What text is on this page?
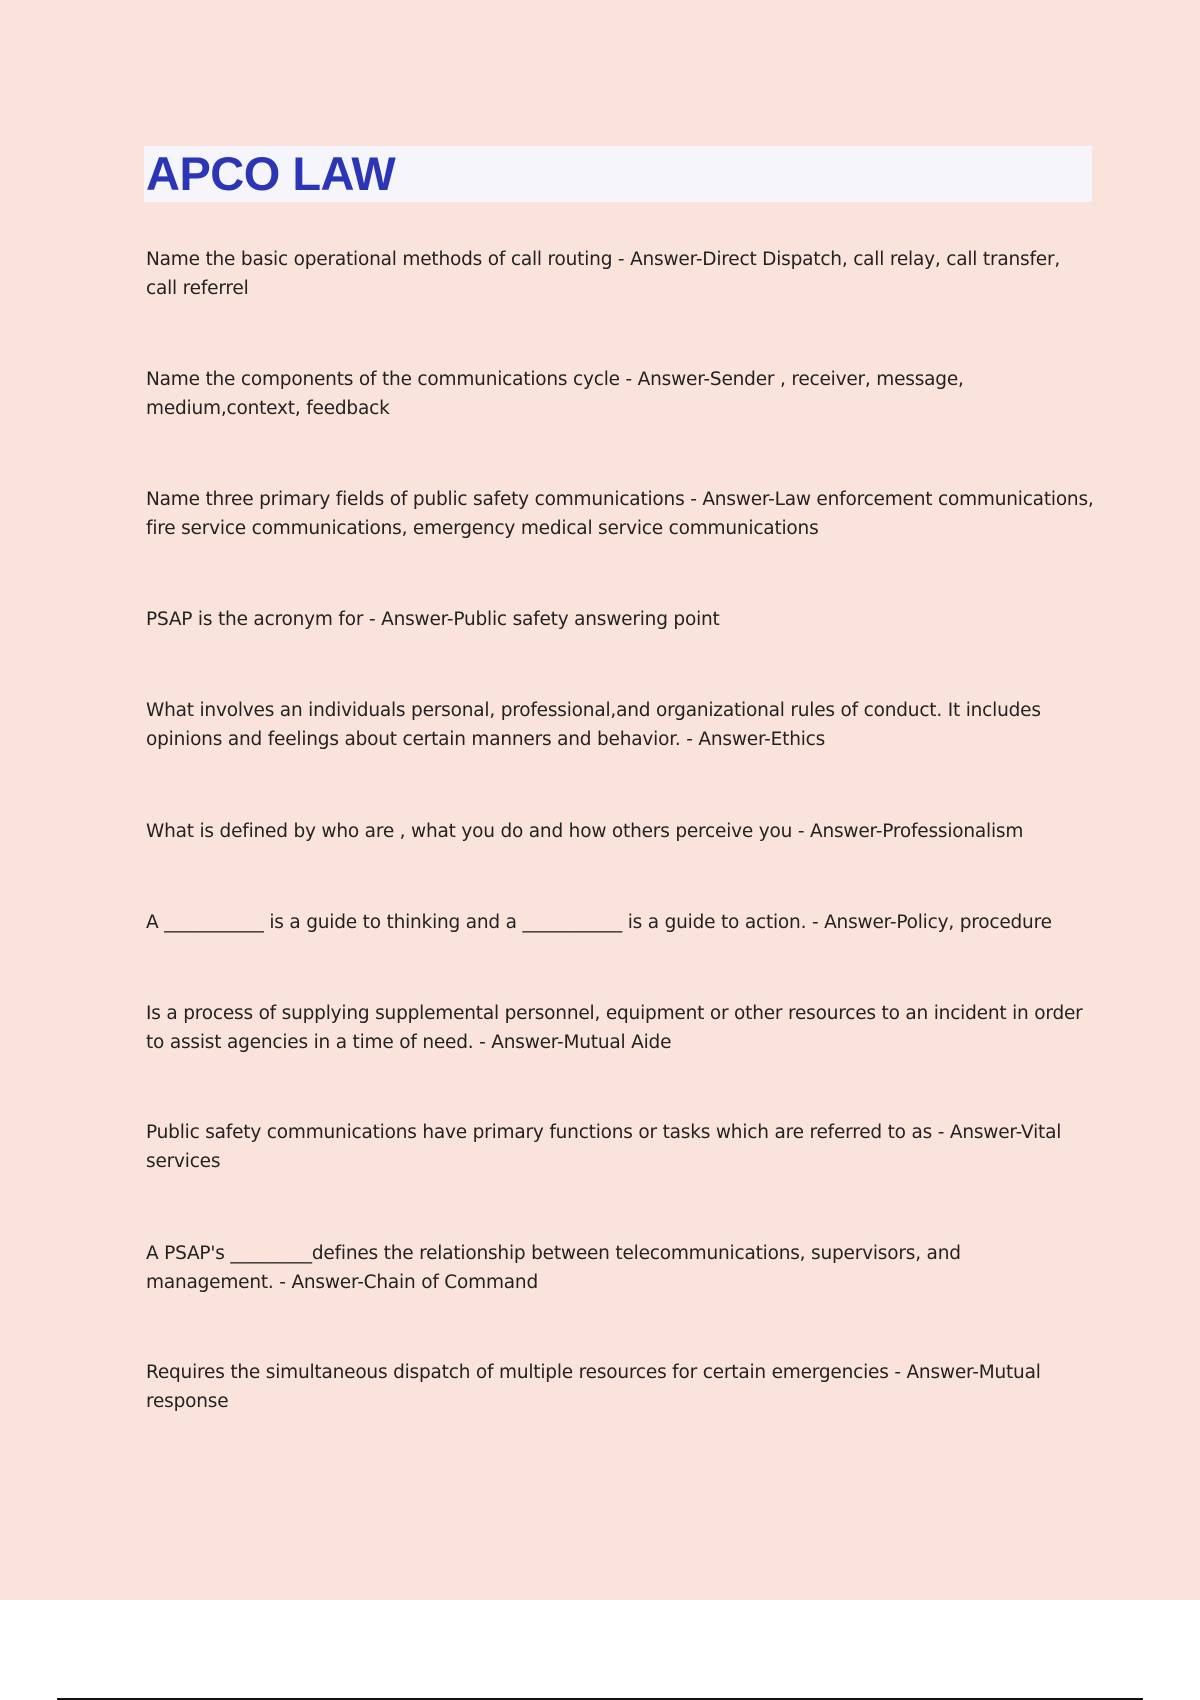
APCO LAW

Name the basic operational methods of call routing - Answer-Direct Dispatch, call relay, call transfer, call referrel

Name the components of the communications cycle - Answer-Sender , receiver, message, medium,context, feedback

Name three primary fields of public safety communications - Answer-Law enforcement communications, fire service communications, emergency medical service communications

PSAP is the acronym for - Answer-Public safety answering point

What involves an individuals personal, professional,and organizational rules of conduct. It includes opinions and feelings about certain manners and behavior. - Answer-Ethics

What is defined by who are , what you do and how others perceive you - Answer-Professionalism

A ___________ is a guide to thinking and a ___________ is a guide to action. - Answer-Policy, procedure

Is a process of supplying supplemental personnel, equipment or other resources to an incident in order to assist agencies in a time of need. - Answer-Mutual Aide

Public safety communications have primary functions or tasks which are referred to as - Answer-Vital services

A PSAP's _________defines the relationship between telecommunications, supervisors, and management. - Answer-Chain of Command

Requires the simultaneous dispatch of multiple resources for certain emergencies - Answer-Mutual response
